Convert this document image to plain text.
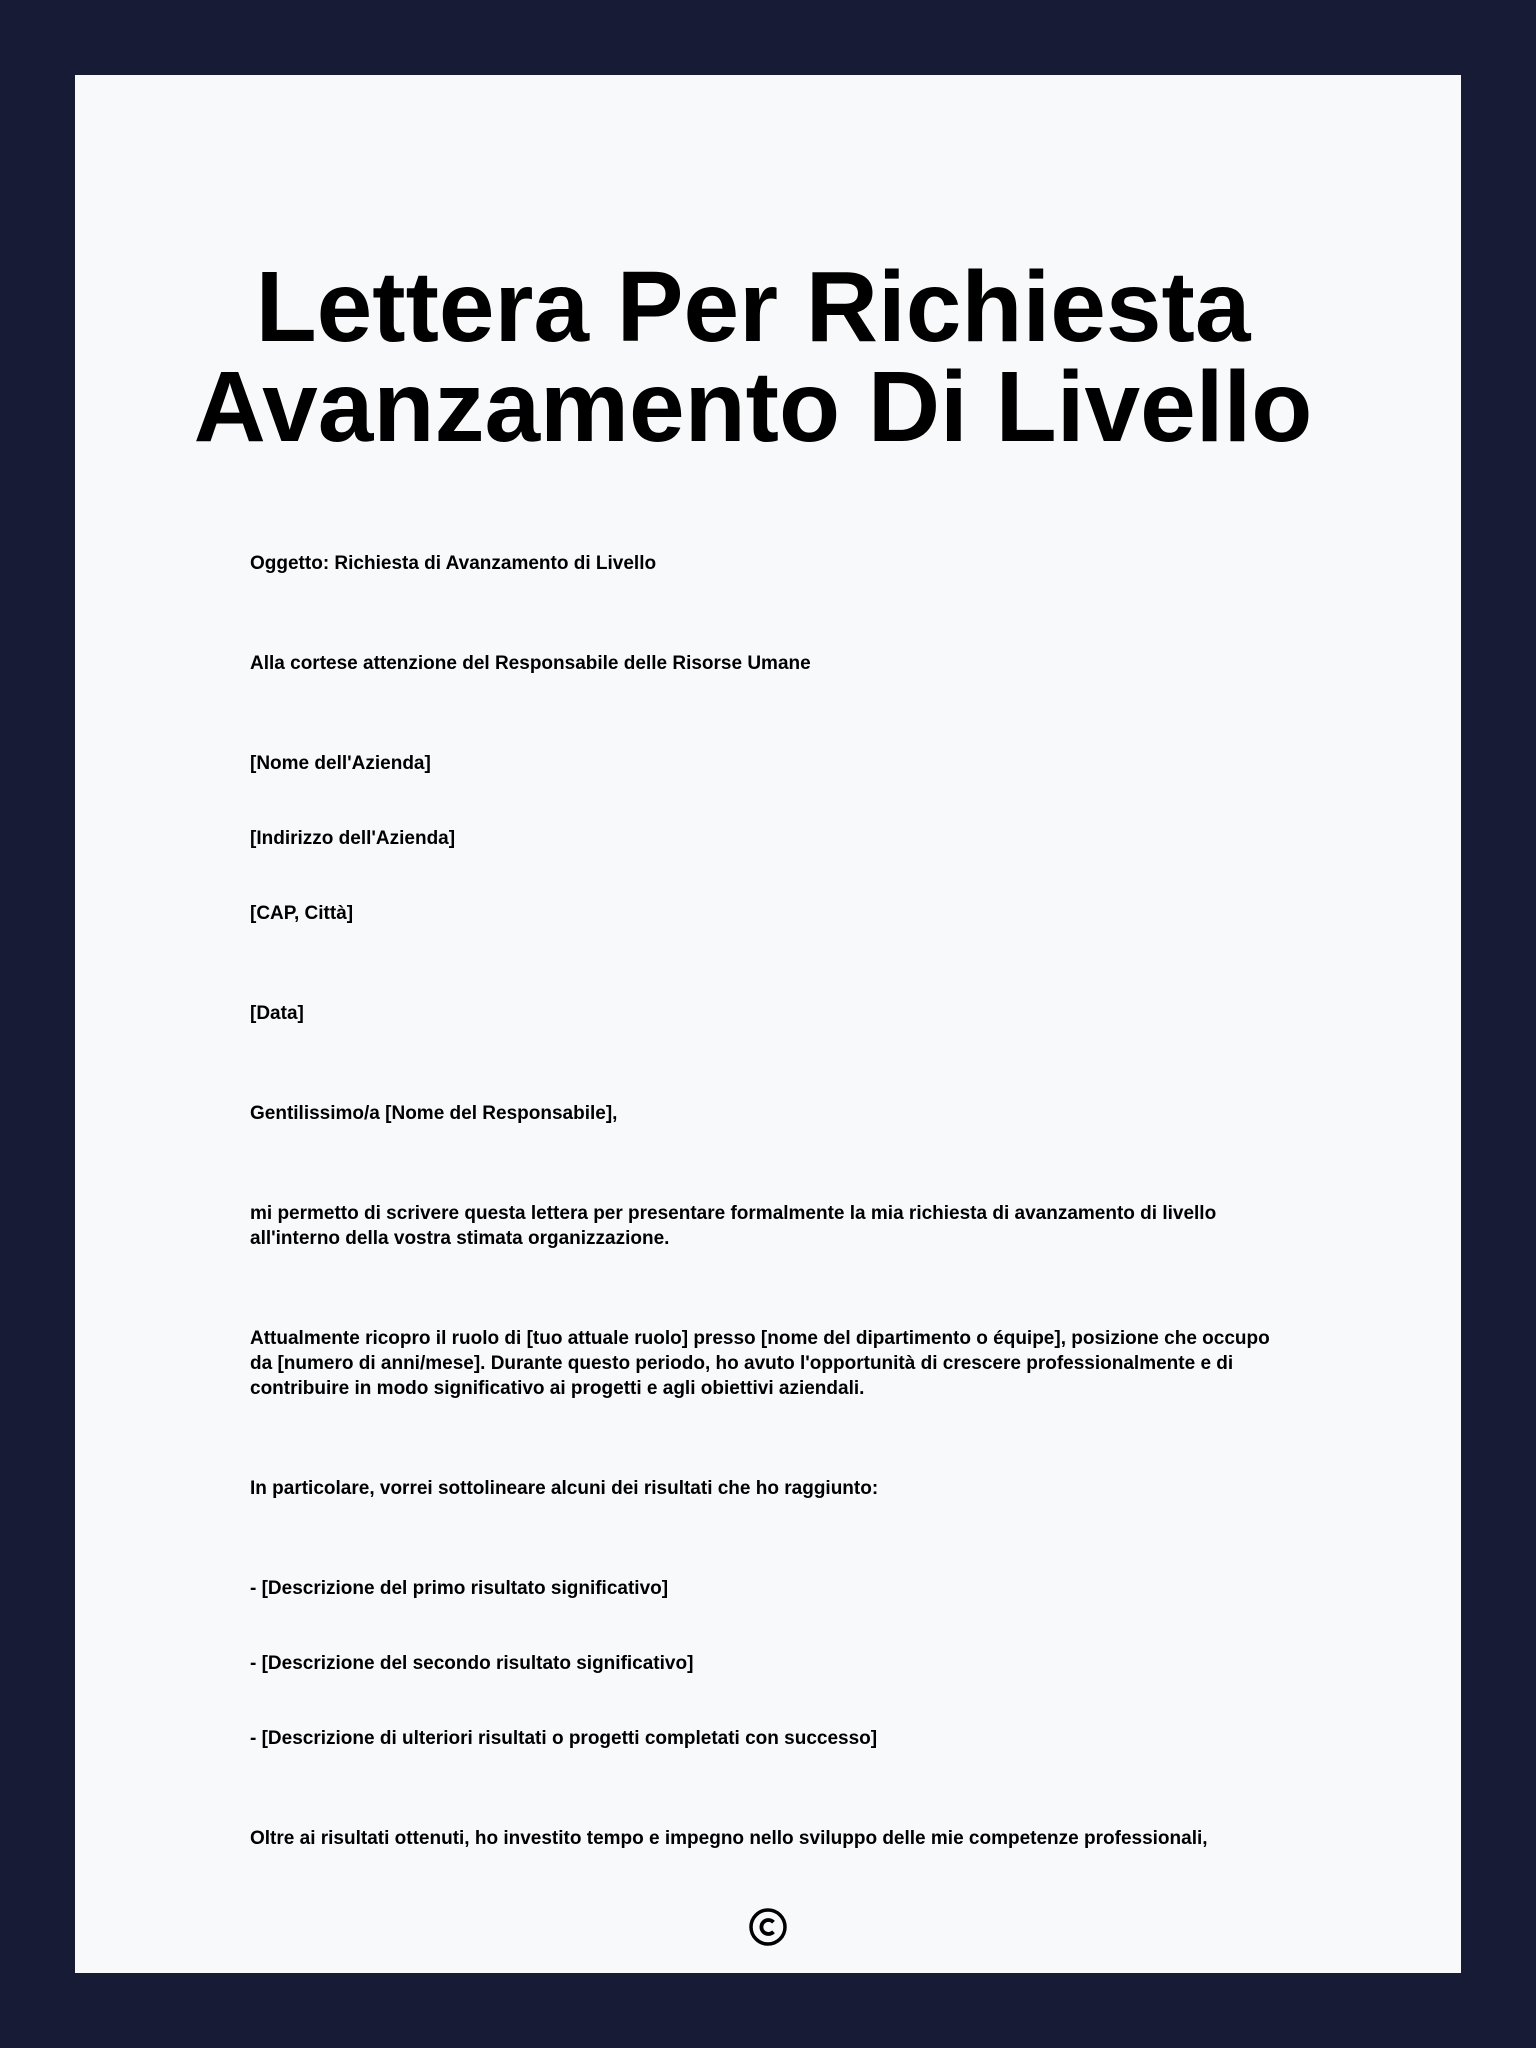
Lettera Per Richiesta
Avanzamento Di Livello

Oggetto: Richiesta di Avanzamento di Livello

Alla cortese attenzione del Responsabile delle Risorse Umane

[Nome dell'Azienda]

[Indirizzo dell'Azienda]

[CAP, Città]

[Data]

Gentilissimo/a [Nome del Responsabile],

mi permetto di scrivere questa lettera per presentare formalmente la mia richiesta di avanzamento di livello all'interno della vostra stimata organizzazione.

Attualmente ricopro il ruolo di [tuo attuale ruolo] presso [nome del dipartimento o équipe], posizione che occupo da [numero di anni/mese]. Durante questo periodo, ho avuto l'opportunità di crescere professionalmente e di contribuire in modo significativo ai progetti e agli obiettivi aziendali.

In particolare, vorrei sottolineare alcuni dei risultati che ho raggiunto:

- [Descrizione del primo risultato significativo]

- [Descrizione del secondo risultato significativo]

- [Descrizione di ulteriori risultati o progetti completati con successo]

Oltre ai risultati ottenuti, ho investito tempo e impegno nello sviluppo delle mie competenze professionali,
